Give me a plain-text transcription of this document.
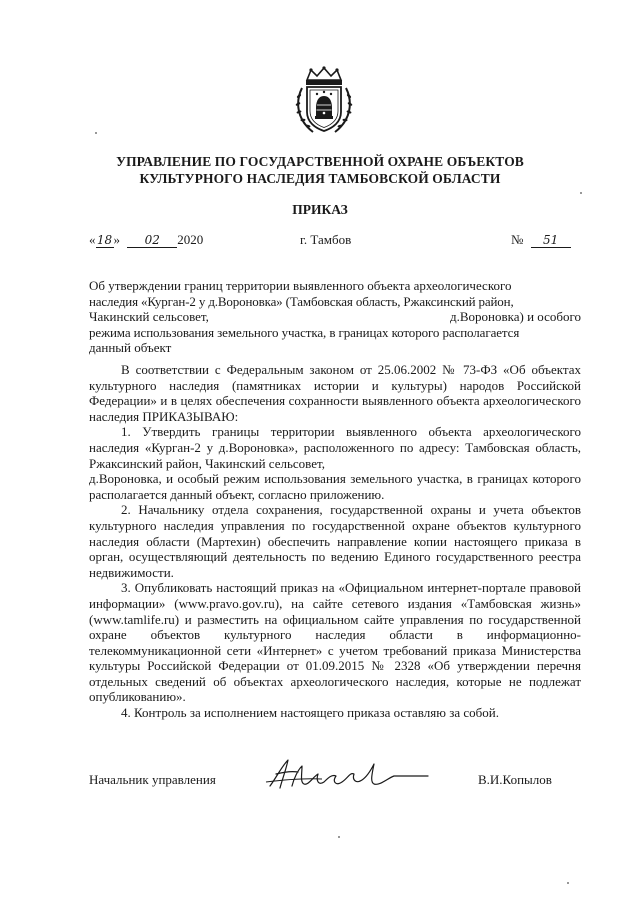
УПРАВЛЕНИЕ ПО ГОСУДАРСТВЕННОЙ ОХРАНЕ ОБЪЕКТОВ
КУЛЬТУРНОГО НАСЛЕДИЯ ТАМБОВСКОЙ ОБЛАСТИ
ПРИКАЗ
«18» 02 2020	г. Тамбов	№ 51
Об утверждении границ территории выявленного объекта археологического
наследия «Курган-2 у д.Вороновка» (Тамбовская область, Ржаксинский район,
Чакинский сельсовет,	д.Вороновка) и особого
режима использования земельного участка, в границах которого располагается
данный объект

В соответствии с Федеральным законом от 25.06.2002 № 73-ФЗ «Об объектах культурного наследия (памятниках истории и культуры) народов Российской Федерации» и в целях обеспечения сохранности выявленного объекта археологического наследия ПРИКАЗЫВАЮ:

1. Утвердить границы территории выявленного объекта археологического наследия «Курган-2 у д.Вороновка», расположенного по адресу: Тамбовская область, Ржаксинский район, Чакинский сельсовет,

д.Вороновка, и особый режим использования земельного участка, в границах которого располагается данный объект, согласно приложению.

2. Начальнику отдела сохранения, государственной охраны и учета объектов культурного наследия управления по государственной охране объектов культурного наследия области (Мартехин) обеспечить направление копии настоящего приказа в орган, осуществляющий деятельность по ведению Единого государственного реестра недвижимости.

3. Опубликовать настоящий приказ на «Официальном интернет-портале правовой информации» (www.pravo.gov.ru), на сайте сетевого издания «Тамбовская жизнь» (www.tamlife.ru) и разместить на официальном сайте управления по государственной охране объектов культурного наследия области в информационно-телекоммуникационной сети «Интернет» с учетом требований приказа Министерства культуры Российской Федерации от 01.09.2015 № 2328 «Об утверждении перечня отдельных сведений об объектах археологического наследия, которые не подлежат опубликованию».

4. Контроль за исполнением настоящего приказа оставляю за собой.

Начальник управления	В.И.Копылов
